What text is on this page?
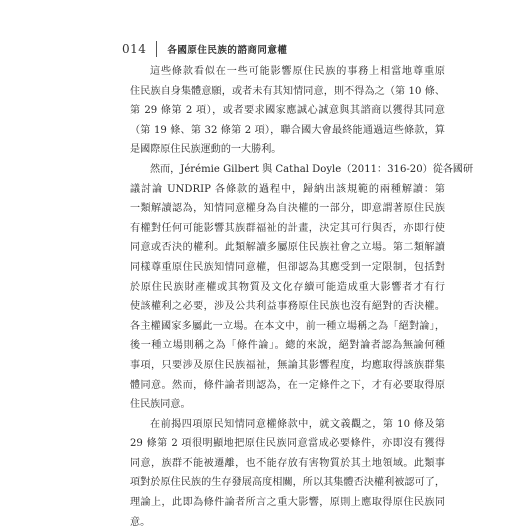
014 各國原住民族的諮商同意權
這些條款看似在一些可能影響原住民族的事務上相當地尊重原
住民族自身集體意願，或者未有其知情同意，則不得為之（第 10 條、
第 29 條第 2 項），或者要求國家應誠心誠意與其諮商以獲得其同意
（第 19 條、第 32 條第 2 項），聯合國大會最終能通過這些條款，算
是國際原住民族運動的一大勝利。
然而，Jérémie Gilbert 與 Cathal Doyle（2011：316-20）從各國研
議討論 UNDRIP 各條款的過程中，歸納出該規範的兩種解讀：第
一類解讀認為，知情同意權身為自決權的一部分，即意謂著原住民族
有權對任何可能影響其族群福祉的計畫，決定其可行與否，亦即行使
同意或否決的權利。此類解讀多屬原住民族社會之立場。第二類解讀
同樣尊重原住民族知情同意權，但卻認為其應受到一定限制，包括對
於原住民族財產權或其物質及文化存續可能造成重大影響者才有行
使該權利之必要，涉及公共利益事務原住民族也沒有絕對的否決權。
各主權國家多屬此一立場。在本文中，前一種立場稱之為「絕對論」，
後一種立場則稱之為「條件論」。總的來說，絕對論者認為無論何種
事項，只要涉及原住民族福祉，無論其影響程度，均應取得該族群集
體同意。然而，條件論者則認為，在一定條件之下，才有必要取得原
住民族同意。
在前揭四項原民知情同意權條款中，就文義觀之，第 10 條及第
29 條第 2 項很明顯地把原住民族同意當成必要條件，亦即沒有獲得
同意，族群不能被遷離，也不能存放有害物質於其土地領域。此類事
項對於原住民族的生存發展高度相關，所以其集體否決權利被認可了，
理論上，此即為條件論者所言之重大影響，原則上應取得原住民族同
意。
